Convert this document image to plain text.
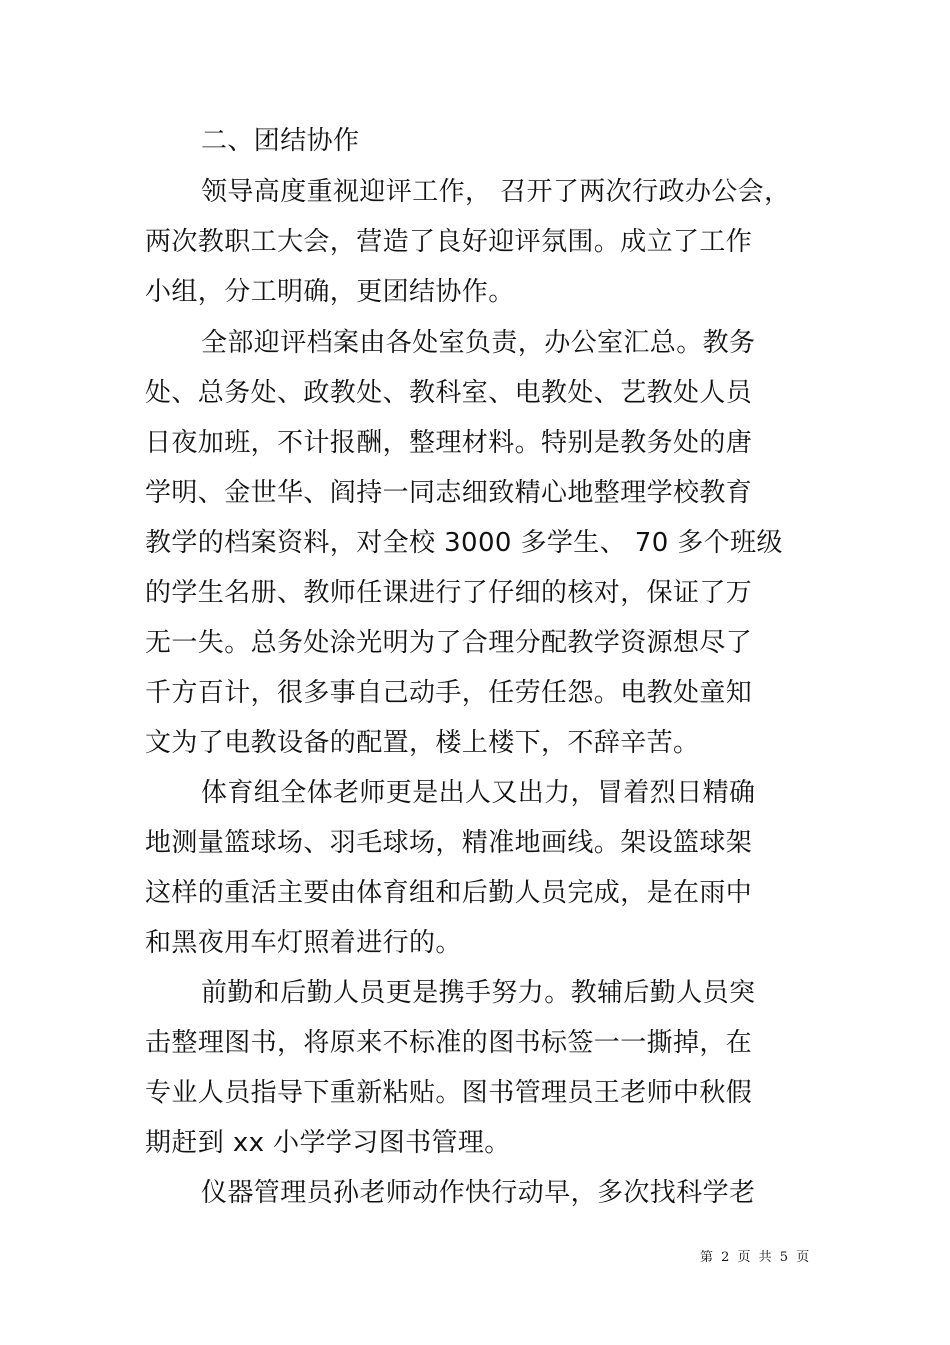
二、团结协作
领导高度重视迎评工作， 召开了两次行政办公会，
两次教职工大会，营造了良好迎评氛围。成立了工作
小组，分工明确，更团结协作。
全部迎评档案由各处室负责，办公室汇总。教务
处、总务处、政教处、教科室、电教处、艺教处人员
日夜加班，不计报酬，整理材料。特别是教务处的唐
学明、金世华、阎持一同志细致精心地整理学校教育
教学的档案资料，对全校 3000 多学生、 70 多个班级
的学生名册、教师任课进行了仔细的核对，保证了万
无一失。总务处涂光明为了合理分配教学资源想尽了
千方百计，很多事自己动手，任劳任怨。电教处童知
文为了电教设备的配置，楼上楼下，不辞辛苦。
体育组全体老师更是出人又出力，冒着烈日精确
地测量篮球场、羽毛球场，精准地画线。架设篮球架
这样的重活主要由体育组和后勤人员完成，是在雨中
和黑夜用车灯照着进行的。
前勤和后勤人员更是携手努力。教辅后勤人员突
击整理图书，将原来不标准的图书标签一一撕掉，在
专业人员指导下重新粘贴。图书管理员王老师中秋假
期赶到 xx 小学学习图书管理。
仪器管理员孙老师动作快行动早，多次找科学老
第 2 页 共 5 页
